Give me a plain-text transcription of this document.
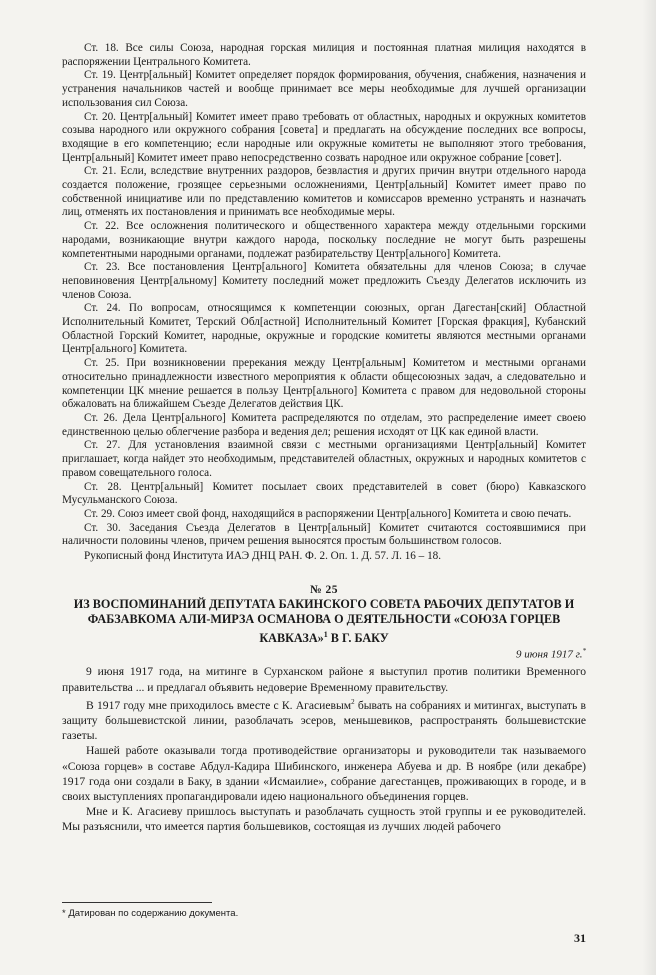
Ст. 18. Все силы Союза, народная горская милиция и постоянная платная милиция находятся в распоряжении Центрального Комитета.

Ст. 19. Центр[альный] Комитет определяет порядок формирования, обучения, снабжения, назначения и устранения начальников частей и вообще принимает все меры необходимые для лучшей организации использования сил Союза.

Ст. 20. Центр[альный] Комитет имеет право требовать от областных, народных и окружных комитетов созыва народного или окружного собрания [совета] и предлагать на обсуждение последних все вопросы, входящие в его компетенцию; если народные или окружные комитеты не выполняют этого требования, Центр[альный] Комитет имеет право непосредственно созвать народное или окружное собрание [совет].

Ст. 21. Если, вследствие внутренних раздоров, безвластия и других причин внутри отдельного народа создается положение, грозящее серьезными осложнениями, Центр[альный] Комитет имеет право по собственной инициативе или по представлению комитетов и комиссаров временно устранять и назначать лиц, отменять их постановления и принимать все необходимые меры.

Ст. 22. Все осложнения политического и общественного характера между отдельными горскими народами, возникающие внутри каждого народа, поскольку последние не могут быть разрешены компетентными народными органами, подлежат разбирательству Центр[ального] Комитета.

Ст. 23. Все постановления Центр[ального] Комитета обязательны для членов Союза; в случае неповиновения Центр[альному] Комитету последний может предложить Съезду Делегатов исключить из членов Союза.

Ст. 24. По вопросам, относящимся к компетенции союзных, орган Дагестан[ский] Областной Исполнительный Комитет, Терский Обл[астной] Исполнительный Комитет [Горская фракция], Кубанский Областной Горский Комитет, народные, окружные и городские комитеты являются местными органами Центр[ального] Комитета.

Ст. 25. При возникновении пререкания между Центр[альным] Комитетом и местными органами относительно принадлежности известного мероприятия к области общесоюзных задач, а следовательно и компетенции ЦК мнение решается в пользу Центр[ального] Комитета с правом для недовольной стороны обжаловать на ближайшем Съезде Делегатов действия ЦК.

Ст. 26. Дела Центр[ального] Комитета распределяются по отделам, это распределение имеет своею единственною целью облегчение разбора и ведения дел; решения исходят от ЦК как единой власти.

Ст. 27. Для установления взаимной связи с местными организациями Центр[альный] Комитет приглашает, когда найдет это необходимым, представителей областных, окружных и народных комитетов с правом совещательного голоса.

Ст. 28. Центр[альный] Комитет посылает своих представителей в совет (бюро) Кавказского Мусульманского Союза.

Ст. 29. Союз имеет свой фонд, находящийся в распоряжении Центр[ального] Комитета и свою печать.

Ст. 30. Заседания Съезда Делегатов в Центр[альный] Комитет считаются состоявшимися при наличности половины членов, причем решения выносятся простым большинством голосов.

Рукописный фонд Института ИАЭ ДНЦ РАН. Ф. 2. Оп. 1. Д. 57. Л. 16 – 18.

№ 25
ИЗ ВОСПОМИНАНИЙ ДЕПУТАТА БАКИНСКОГО СОВЕТА РАБОЧИХ ДЕПУТАТОВ И ФАБЗАВКОМА АЛИ-МИРЗА ОСМАНОВА О ДЕЯТЕЛЬНОСТИ «СОЮЗА ГОРЦЕВ КАВКАЗА»$^1$ В Г. БАКУ
9 июня 1917 г.*

9 июня 1917 года, на митинге в Сурханском районе я выступил против политики Временного правительства ... и предлагал объявить недоверие Временному правительству.

В 1917 году мне приходилось вместе с К. Агасиевым$^2$ бывать на собраниях и митингах, выступать в защиту большевистской линии, разоблачать эсеров, меньшевиков, распространять большевистские газеты.

Нашей работе оказывали тогда противодействие организаторы и руководители так называемого «Союза горцев» в составе Абдул-Кадира Шибинского, инженера Абуева и др. В ноябре (или декабре) 1917 года они создали в Баку, в здании «Исмаилие», собрание дагестанцев, проживающих в городе, и в своих выступлениях пропагандировали идею национального объединения горцев.

Мне и К. Агасиеву пришлось выступать и разоблачать сущность этой группы и ее руководителей. Мы разъяснили, что имеется партия большевиков, состоящая из лучших людей рабочего

* Датирован по содержанию документа.
31
